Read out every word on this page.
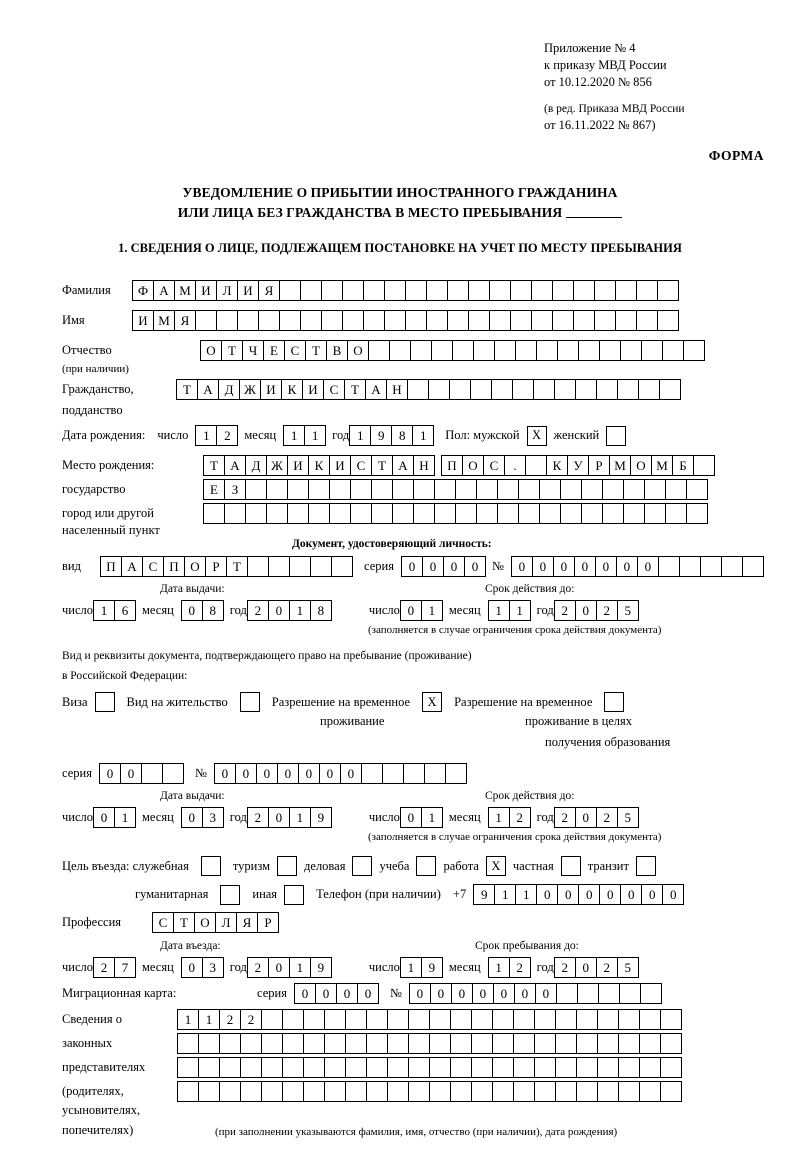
Приложение № 4
к приказу МВД России
от 10.12.2020 № 856
(в ред. Приказа МВД России
от 16.11.2022 № 867)
ФОРМА
УВЕДОМЛЕНИЕ О ПРИБЫТИИ ИНОСТРАННОГО ГРАЖДАНИНА
ИЛИ ЛИЦА БЕЗ ГРАЖДАНСТВА В МЕСТО ПРЕБЫВАНИЯ
1. СВЕДЕНИЯ О ЛИЦЕ, ПОДЛЕЖАЩЕМ ПОСТАНОВКЕ НА УЧЕТ ПО МЕСТУ ПРЕБЫВАНИЯ
Фамилия	Ф А М И Л И Я
Имя	И М Я
Отчество	О Т Ч Е С Т В О
(при наличии)
Гражданство,	Т А Д Ж И К И С Т А Н
подданство
Дата рождения: число	1	2	месяц	1	1	год 1	9	8	1	Пол: мужской X женский
Место рождения:	Т А Д Ж И К И С Т А Н	П О С	.	К У Р М О М Б
государство	Е	З
город или другой
населенный пункт
Документ, удостоверяющий личность:
вид	П А С П О Р	Т	серия	0	0	0	0	№	0	0	0	0	0	0	0
Дата выдачи:	Срок действия до:
число 1	6	месяц	0	8	год 2	0	1	8	число 0	1	месяц	1	1	год 2	0	2	5
(заполняется в случае ограничения срока действия документа)
Вид и реквизиты документа, подтверждающего право на пребывание (проживание)
в Российской Федерации:
Виза	Вид на жительство	Разрешение на временное	X	Разрешение на временное
проживание	проживание в целях
получения образования
серия	0	0	№	0	0	0	0	0	0	0
Дата выдачи:	Срок действия до:
число 0	1	месяц	0	3	год 2	0	1	9	число 0	1	месяц	1	2	год 2	0	2	5
(заполняется в случае ограничения срока действия документа)
Цель въезда: служебная	туризм	деловая	учеба	работа X частная	транзит
гуманитарная	иная	Телефон (при наличии) +7	9	1	1	0	0	0	0	0	0	0
Профессия	С Т О Л Я	Р
Дата въезда:	Срок пребывания до:
число 2	7	месяц	0	3	год 2	0	1	9	число 1	9	месяц	1	2	год 2	0	2	5
Миграционная карта:	серия	0	0	0	0	№	0	0	0	0	0	0	0
Сведения о	1	1	2	2
законных
представителях
(родителях,
усыновителях,
попечителях)	(при заполнении указываются фамилия, имя, отчество (при наличии), дата рождения)
